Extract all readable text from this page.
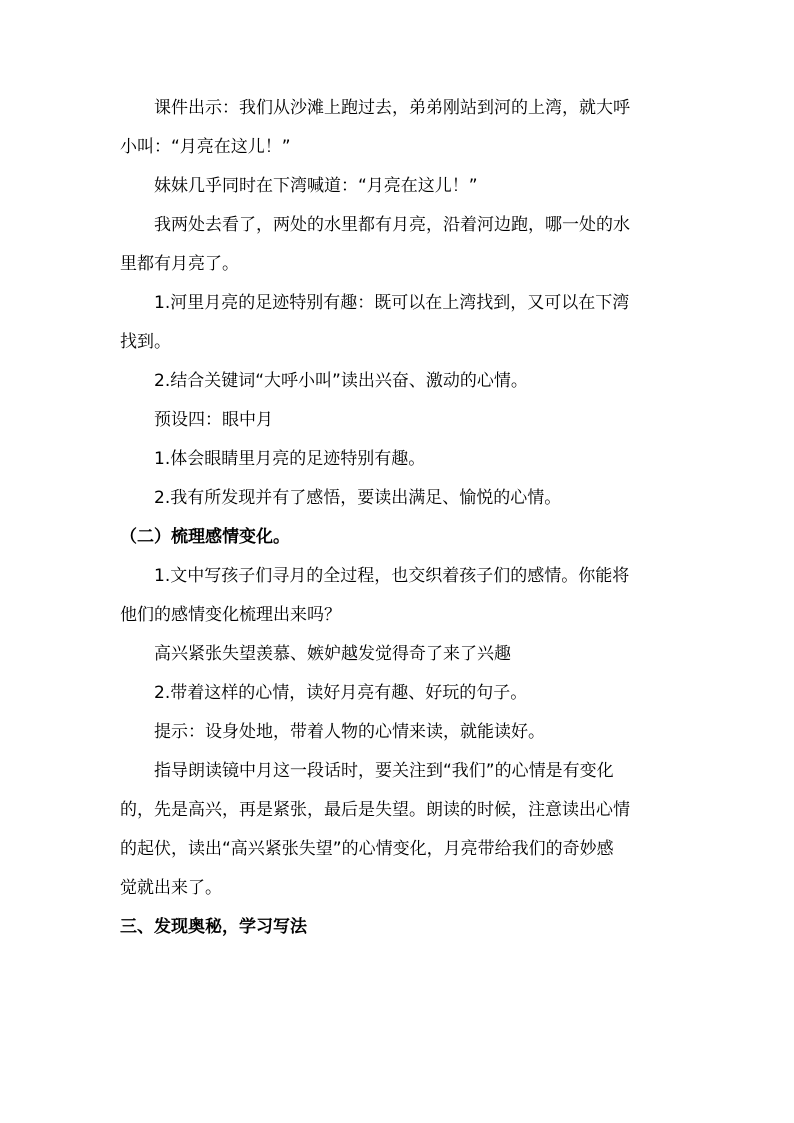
课件出示：我们从沙滩上跑过去，弟弟刚站到河的上湾，就大呼

小叫：“月亮在这儿！”

妹妹几乎同时在下湾喊道：“月亮在这儿！”

我两处去看了，两处的水里都有月亮，沿着河边跑，哪一处的水

里都有月亮了。

1.河里月亮的足迹特别有趣：既可以在上湾找到，又可以在下湾

找到。

2.结合关键词“大呼小叫”读出兴奋、激动的心情。

预设四：眼中月

1.体会眼睛里月亮的足迹特别有趣。

2.我有所发现并有了感悟，要读出满足、愉悦的心情。

（二）梳理感情变化。

1.文中写孩子们寻月的全过程，也交织着孩子们的感情。你能将

他们的感情变化梳理出来吗？

高兴紧张失望羡慕、嫉妒越发觉得奇了来了兴趣

2.带着这样的心情，读好月亮有趣、好玩的句子。

提示：设身处地，带着人物的心情来读，就能读好。

指导朗读镜中月这一段话时，要关注到“我们”的心情是有变化

的，先是高兴，再是紧张，最后是失望。朗读的时候，注意读出心情

的起伏，读出“高兴紧张失望”的心情变化，月亮带给我们的奇妙感

觉就出来了。

三、发现奥秘，学习写法
